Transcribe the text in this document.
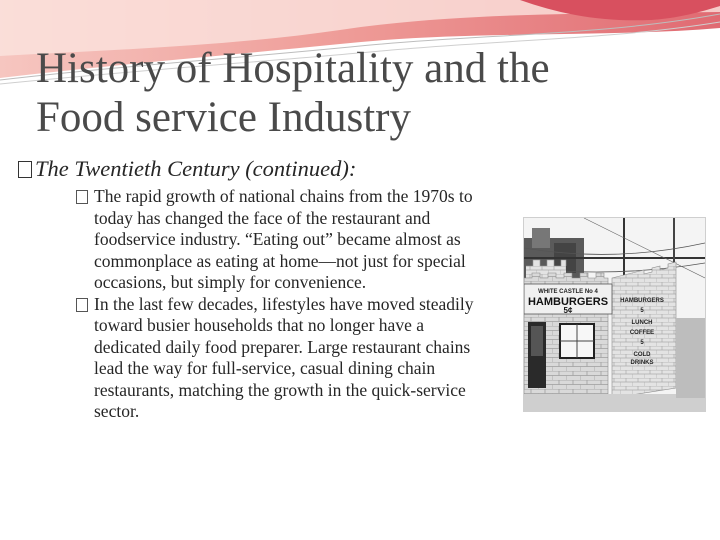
History of Hospitality and the
Food service Industry
The Twentieth Century (continued):
The rapid growth of national chains from the 1970s to today has changed the face of the restaurant and foodservice industry. “Eating out” became almost as commonplace as eating at home—not just for special occasions, but simply for convenience.
In the last few decades, lifestyles have moved steadily toward busier households that no longer have a dedicated daily food preparer. Large restaurant chains lead the way for full-service, casual dining chain restaurants, matching the growth in the quick-service sector.
WHITE CASTLE No 4
HAMBURGERS
5¢
HAMBURGERS
5
LUNCH
COFFEE
5
COLD
DRINKS
